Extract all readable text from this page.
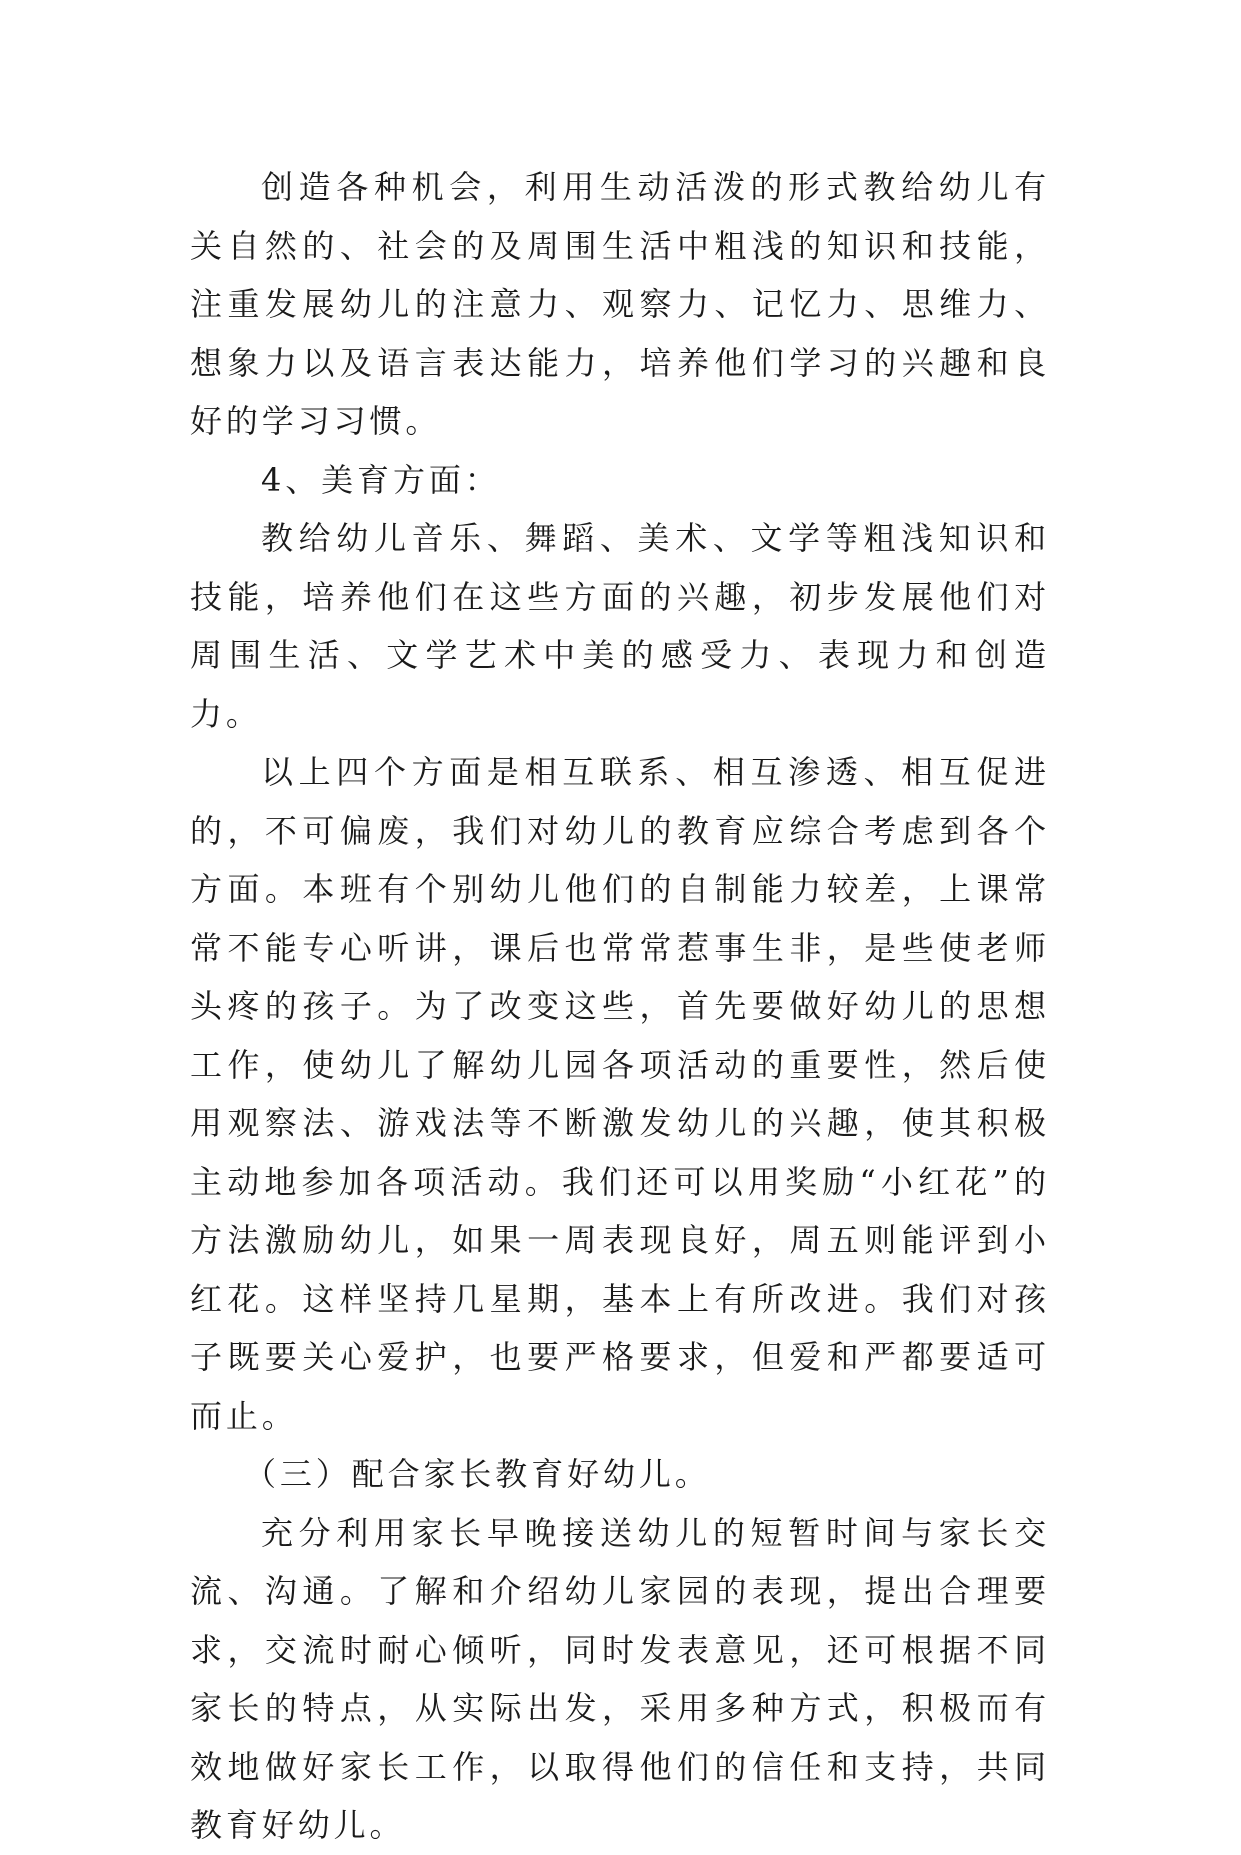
创造各种机会，利用生动活泼的形式教给幼儿有关自然的、社会的及周围生活中粗浅的知识和技能，注重发展幼儿的注意力、观察力、记忆力、思维力、想象力以及语言表达能力，培养他们学习的兴趣和良好的学习习惯。

4、美育方面：

教给幼儿音乐、舞蹈、美术、文学等粗浅知识和技能，培养他们在这些方面的兴趣，初步发展他们对周围生活、文学艺术中美的感受力、表现力和创造力。

以上四个方面是相互联系、相互渗透、相互促进的，不可偏废，我们对幼儿的教育应综合考虑到各个方面。本班有个别幼儿他们的自制能力较差，上课常常不能专心听讲，课后也常常惹事生非，是些使老师头疼的孩子。为了改变这些，首先要做好幼儿的思想工作，使幼儿了解幼儿园各项活动的重要性，然后使用观察法、游戏法等不断激发幼儿的兴趣，使其积极主动地参加各项活动。我们还可以用奖励“小红花”的方法激励幼儿，如果一周表现良好，周五则能评到小红花。这样坚持几星期，基本上有所改进。我们对孩子既要关心爱护，也要严格要求，但爱和严都要适可而止。

（三）配合家长教育好幼儿。

充分利用家长早晚接送幼儿的短暂时间与家长交流、沟通。了解和介绍幼儿家园的表现，提出合理要求，交流时耐心倾听，同时发表意见，还可根据不同家长的特点，从实际出发，采用多种方式，积极而有效地做好家长工作，以取得他们的信任和支持，共同教育好幼儿。
